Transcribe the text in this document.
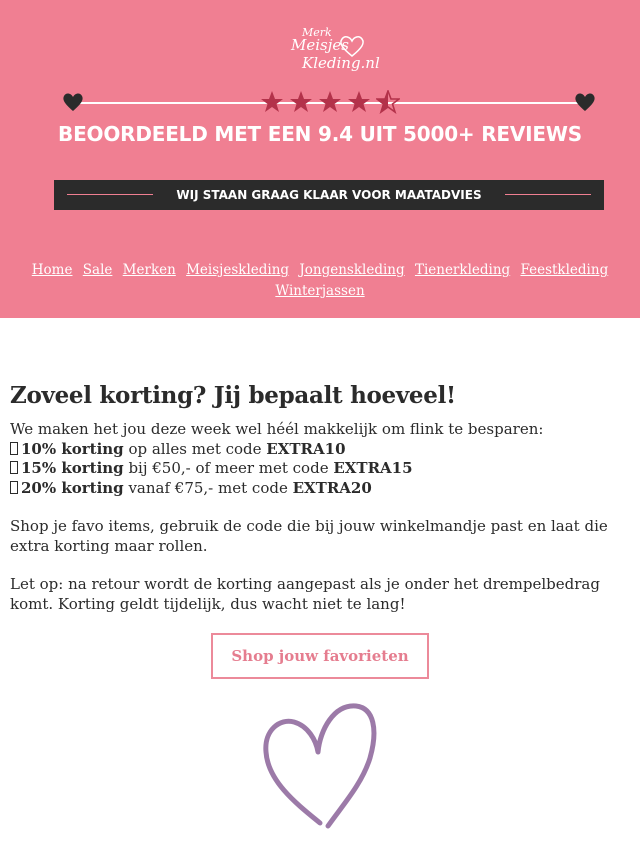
Merk
Meisjes
Kleding.nl
BEOORDEELD MET EEN 9.4 UIT 5000+ REVIEWS
WIJ STAAN GRAAG KLAAR VOOR MAATADVIES
Home Sale Merken Meisjeskleding Jongenskleding Tienerkleding Feestkleding Winterjassen
Zoveel korting? Jij bepaalt hoeveel!
We maken het jou deze week wel héél makkelijk om flink te besparen:
10% korting op alles met code EXTRA10
15% korting bij €50,- of meer met code EXTRA15
20% korting vanaf €75,- met code EXTRA20
Shop je favo items, gebruik de code die bij jouw winkelmandje past en laat die extra korting maar rollen.
Let op: na retour wordt de korting aangepast als je onder het drempelbedrag komt. Korting geldt tijdelijk, dus wacht niet te lang!
Shop jouw favorieten
